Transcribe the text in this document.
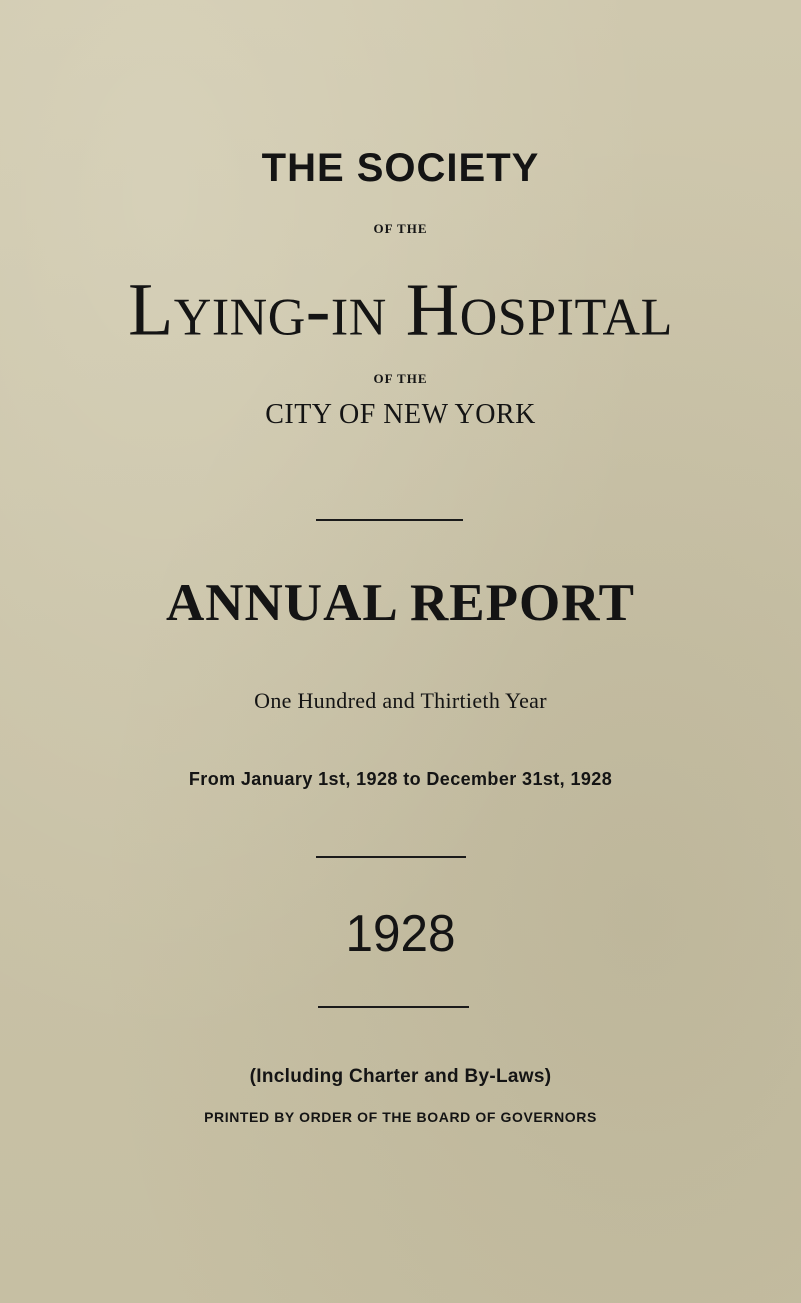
THE SOCIETY
OF THE
Lying-in Hospital
OF THE
CITY OF NEW YORK
ANNUAL REPORT
One Hundred and Thirtieth Year
From January 1st, 1928 to December 31st, 1928
1928
(Including Charter and By-Laws)
PRINTED BY ORDER OF THE BOARD OF GOVERNORS
